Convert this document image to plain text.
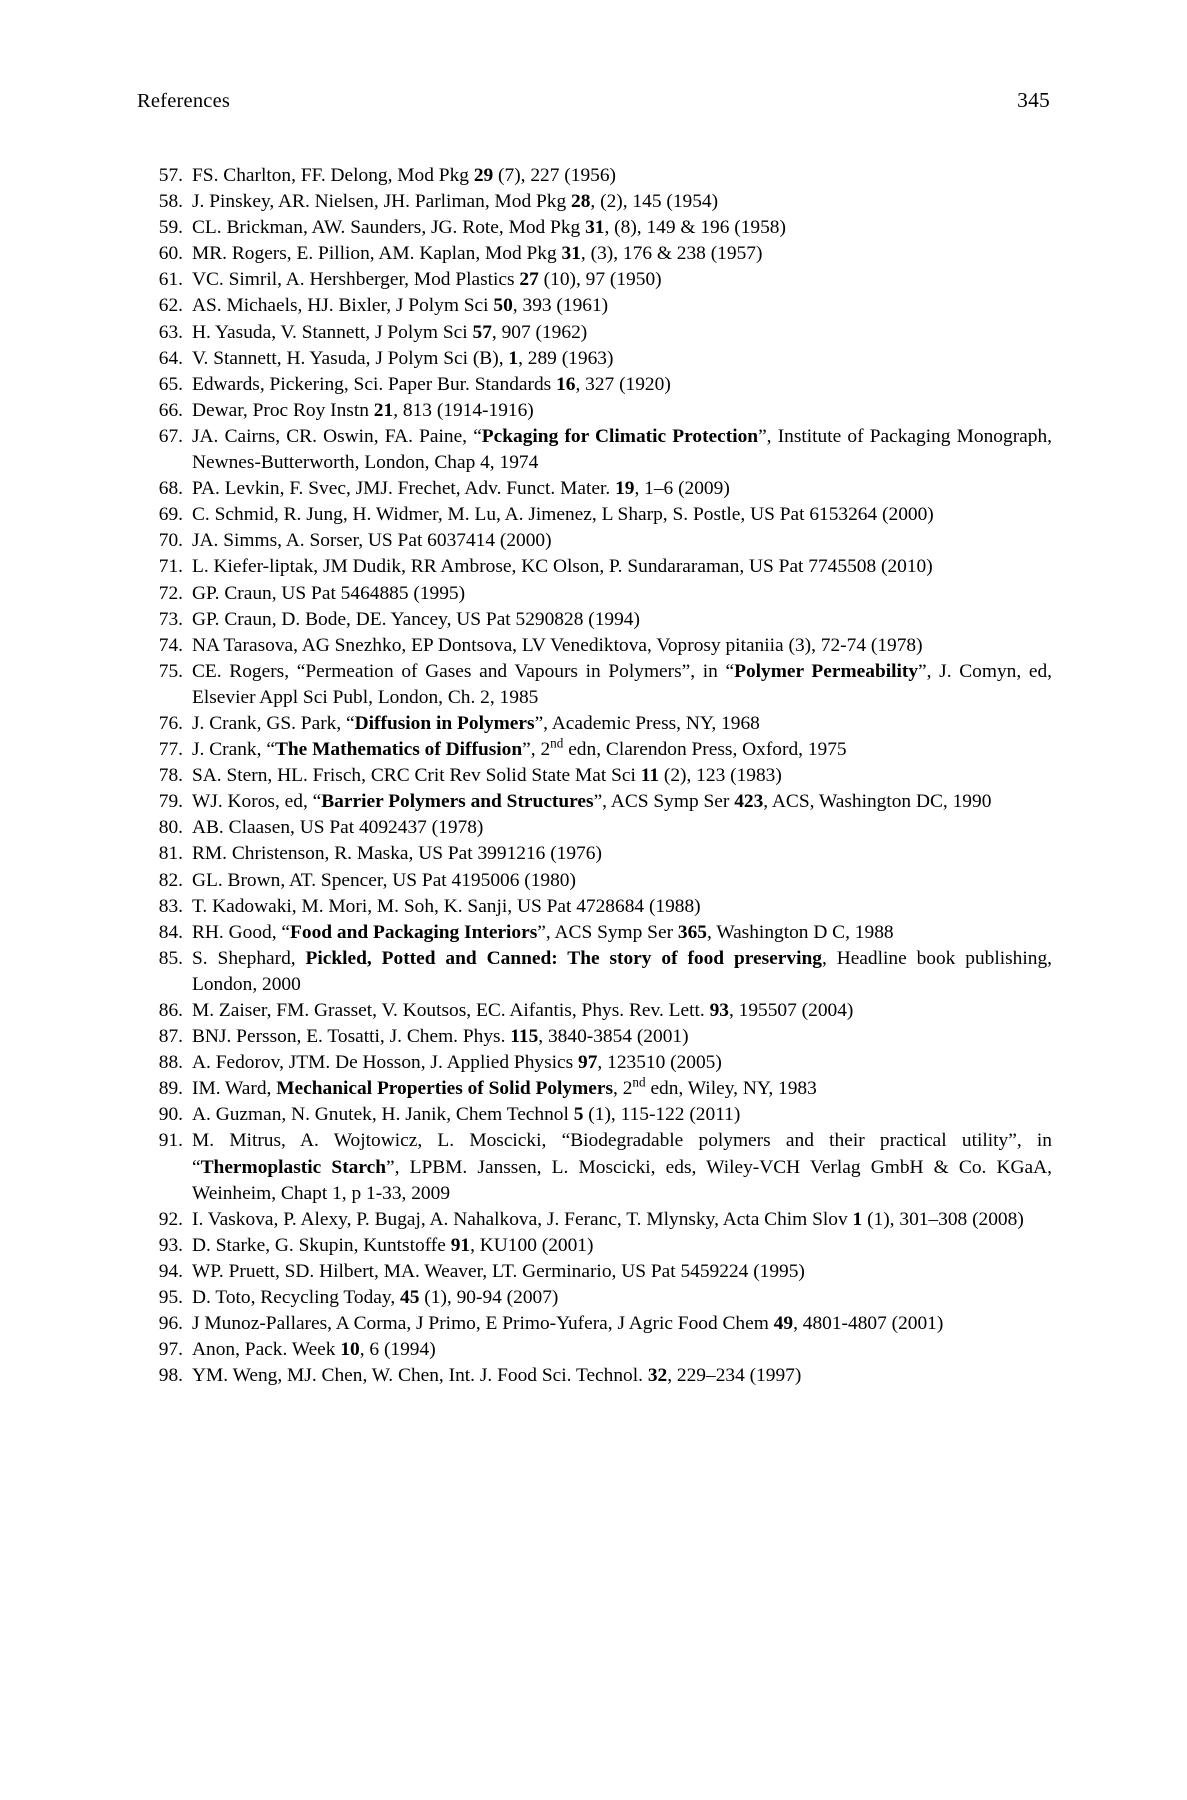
References	345
57. FS. Charlton, FF. Delong, Mod Pkg 29 (7), 227 (1956)
58. J. Pinskey, AR. Nielsen, JH. Parliman, Mod Pkg 28, (2), 145 (1954)
59. CL. Brickman, AW. Saunders, JG. Rote, Mod Pkg 31, (8), 149 & 196 (1958)
60. MR. Rogers, E. Pillion, AM. Kaplan, Mod Pkg 31, (3), 176 & 238 (1957)
61. VC. Simril, A. Hershberger, Mod Plastics 27 (10), 97 (1950)
62. AS. Michaels, HJ. Bixler, J Polym Sci 50, 393 (1961)
63. H. Yasuda, V. Stannett, J Polym Sci 57, 907 (1962)
64. V. Stannett, H. Yasuda, J Polym Sci (B), 1, 289 (1963)
65. Edwards, Pickering, Sci. Paper Bur. Standards 16, 327 (1920)
66. Dewar, Proc Roy Instn 21, 813 (1914-1916)
67. JA. Cairns, CR. Oswin, FA. Paine, “Pckaging for Climatic Protection”, Institute of Packaging Monograph, Newnes-Butterworth, London, Chap 4, 1974
68. PA. Levkin, F. Svec, JMJ. Frechet, Adv. Funct. Mater. 19, 1–6 (2009)
69. C. Schmid, R. Jung, H. Widmer, M. Lu, A. Jimenez, L Sharp, S. Postle, US Pat 6153264 (2000)
70. JA. Simms, A. Sorser, US Pat 6037414 (2000)
71. L. Kiefer-liptak, JM Dudik, RR Ambrose, KC Olson, P. Sundararaman, US Pat 7745508 (2010)
72. GP. Craun, US Pat 5464885 (1995)
73. GP. Craun, D. Bode, DE. Yancey, US Pat 5290828 (1994)
74. NA Tarasova, AG Snezhko, EP Dontsova, LV Venediktova, Voprosy pitaniia (3), 72-74 (1978)
75. CE. Rogers, “Permeation of Gases and Vapours in Polymers”, in “Polymer Permeability”, J. Comyn, ed, Elsevier Appl Sci Publ, London, Ch. 2, 1985
76. J. Crank, GS. Park, “Diffusion in Polymers”, Academic Press, NY, 1968
77. J. Crank, “The Mathematics of Diffusion”, 2nd edn, Clarendon Press, Oxford, 1975
78. SA. Stern, HL. Frisch, CRC Crit Rev Solid State Mat Sci 11 (2), 123 (1983)
79. WJ. Koros, ed, “Barrier Polymers and Structures”, ACS Symp Ser 423, ACS, Washington DC, 1990
80. AB. Claasen, US Pat 4092437 (1978)
81. RM. Christenson, R. Maska, US Pat 3991216 (1976)
82. GL. Brown, AT. Spencer, US Pat 4195006 (1980)
83. T. Kadowaki, M. Mori, M. Soh, K. Sanji, US Pat 4728684 (1988)
84. RH. Good, “Food and Packaging Interiors”, ACS Symp Ser 365, Washington D C, 1988
85. S. Shephard, Pickled, Potted and Canned: The story of food preserving, Headline book publishing, London, 2000
86. M. Zaiser, FM. Grasset, V. Koutsos, EC. Aifantis, Phys. Rev. Lett. 93, 195507 (2004)
87. BNJ. Persson, E. Tosatti, J. Chem. Phys. 115, 3840-3854 (2001)
88. A. Fedorov, JTM. De Hosson, J. Applied Physics 97, 123510 (2005)
89. IM. Ward, Mechanical Properties of Solid Polymers, 2nd edn, Wiley, NY, 1983
90. A. Guzman, N. Gnutek, H. Janik, Chem Technol 5 (1), 115-122 (2011)
91. M. Mitrus, A. Wojtowicz, L. Moscicki, “Biodegradable polymers and their practical utility”, in “Thermoplastic Starch”, LPBM. Janssen, L. Moscicki, eds, Wiley-VCH Verlag GmbH & Co. KGaA, Weinheim, Chapt 1, p 1-33, 2009
92. I. Vaskova, P. Alexy, P. Bugaj, A. Nahalkova, J. Feranc, T. Mlynsky, Acta Chim Slov 1 (1), 301–308 (2008)
93. D. Starke, G. Skupin, Kuntstoffe 91, KU100 (2001)
94. WP. Pruett, SD. Hilbert, MA. Weaver, LT. Germinario, US Pat 5459224 (1995)
95. D. Toto, Recycling Today, 45 (1), 90-94 (2007)
96. J Munoz-Pallares, A Corma, J Primo, E Primo-Yufera, J Agric Food Chem 49, 4801-4807 (2001)
97. Anon, Pack. Week 10, 6 (1994)
98. YM. Weng, MJ. Chen, W. Chen, Int. J. Food Sci. Technol. 32, 229–234 (1997)
